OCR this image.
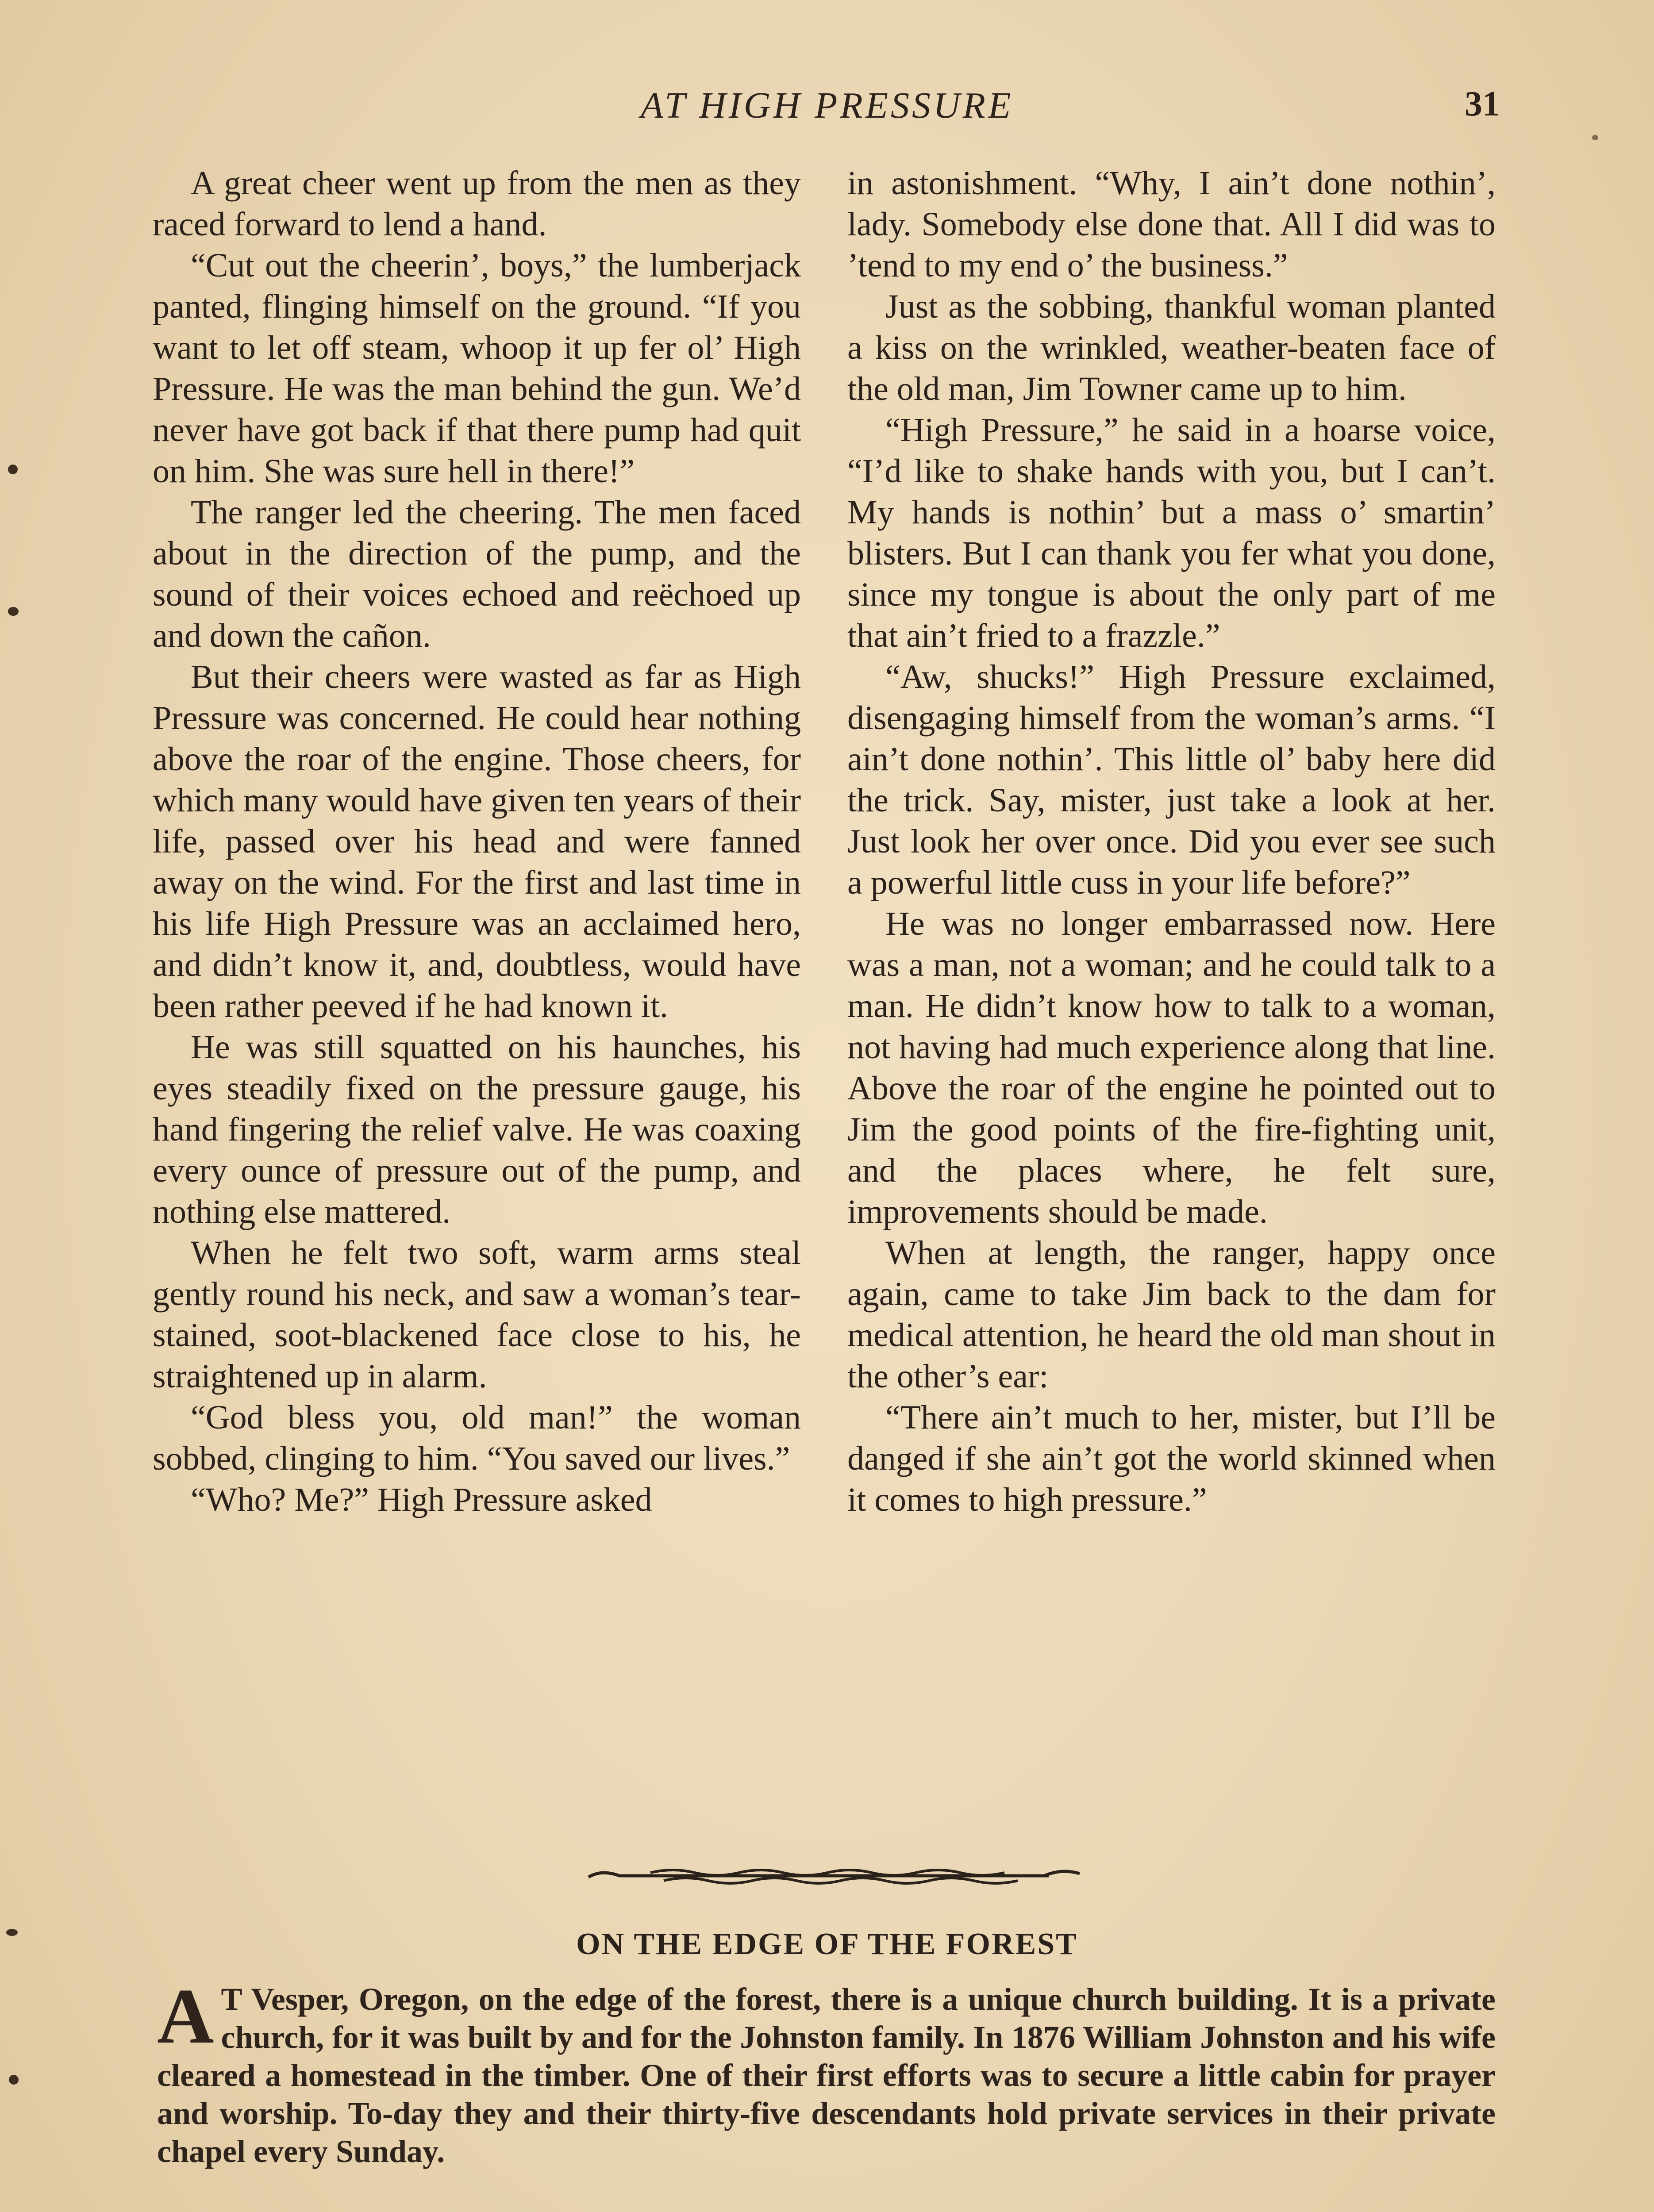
AT HIGH PRESSURE	31

A great cheer went up from the men as they raced forward to lend a hand.

“Cut out the cheerin’, boys,” the lumberjack panted, flinging himself on the ground. “If you want to let off steam, whoop it up fer ol’ High Pressure. He was the man behind the gun. We’d never have got back if that there pump had quit on him. She was sure hell in there!”

The ranger led the cheering. The men faced about in the direction of the pump, and the sound of their voices echoed and reëchoed up and down the cañon.

But their cheers were wasted as far as High Pressure was concerned. He could hear nothing above the roar of the engine. Those cheers, for which many would have given ten years of their life, passed over his head and were fanned away on the wind. For the first and last time in his life High Pressure was an acclaimed hero, and didn’t know it, and, doubtless, would have been rather peeved if he had known it.

He was still squatted on his haunches, his eyes steadily fixed on the pressure gauge, his hand fingering the relief valve. He was coaxing every ounce of pressure out of the pump, and nothing else mattered.

When he felt two soft, warm arms steal gently round his neck, and saw a woman’s tear-stained, soot-blackened face close to his, he straightened up in alarm.

“God bless you, old man!” the woman sobbed, clinging to him. “You saved our lives.”

“Who? Me?” High Pressure asked

in astonishment. “Why, I ain’t done nothin’, lady. Somebody else done that. All I did was to ’tend to my end o’ the business.”

Just as the sobbing, thankful woman planted a kiss on the wrinkled, weather-beaten face of the old man, Jim Towner came up to him.

“High Pressure,” he said in a hoarse voice, “I’d like to shake hands with you, but I can’t. My hands is nothin’ but a mass o’ smartin’ blisters. But I can thank you fer what you done, since my tongue is about the only part of me that ain’t fried to a frazzle.”

“Aw, shucks!” High Pressure exclaimed, disengaging himself from the woman’s arms. “I ain’t done nothin’. This little ol’ baby here did the trick. Say, mister, just take a look at her. Just look her over once. Did you ever see such a powerful little cuss in your life before?”

He was no longer embarrassed now. Here was a man, not a woman; and he could talk to a man. He didn’t know how to talk to a woman, not having had much experience along that line. Above the roar of the engine he pointed out to Jim the good points of the fire-fighting unit, and the places where, he felt sure, improvements should be made.

When at length, the ranger, happy once again, came to take Jim back to the dam for medical attention, he heard the old man shout in the other’s ear:

“There ain’t much to her, mister, but I’ll be danged if she ain’t got the world skinned when it comes to high pressure.”

ON THE EDGE OF THE FOREST
A T Vesper, Oregon, on the edge of the forest, there is a unique church building. It is a private church, for it was built by and for the Johnston family. In 1876 William Johnston and his wife cleared a homestead in the timber. One of their first efforts was to secure a little cabin for prayer and worship. To-day they and their thirty-five descendants hold private services in their private chapel every Sunday.
